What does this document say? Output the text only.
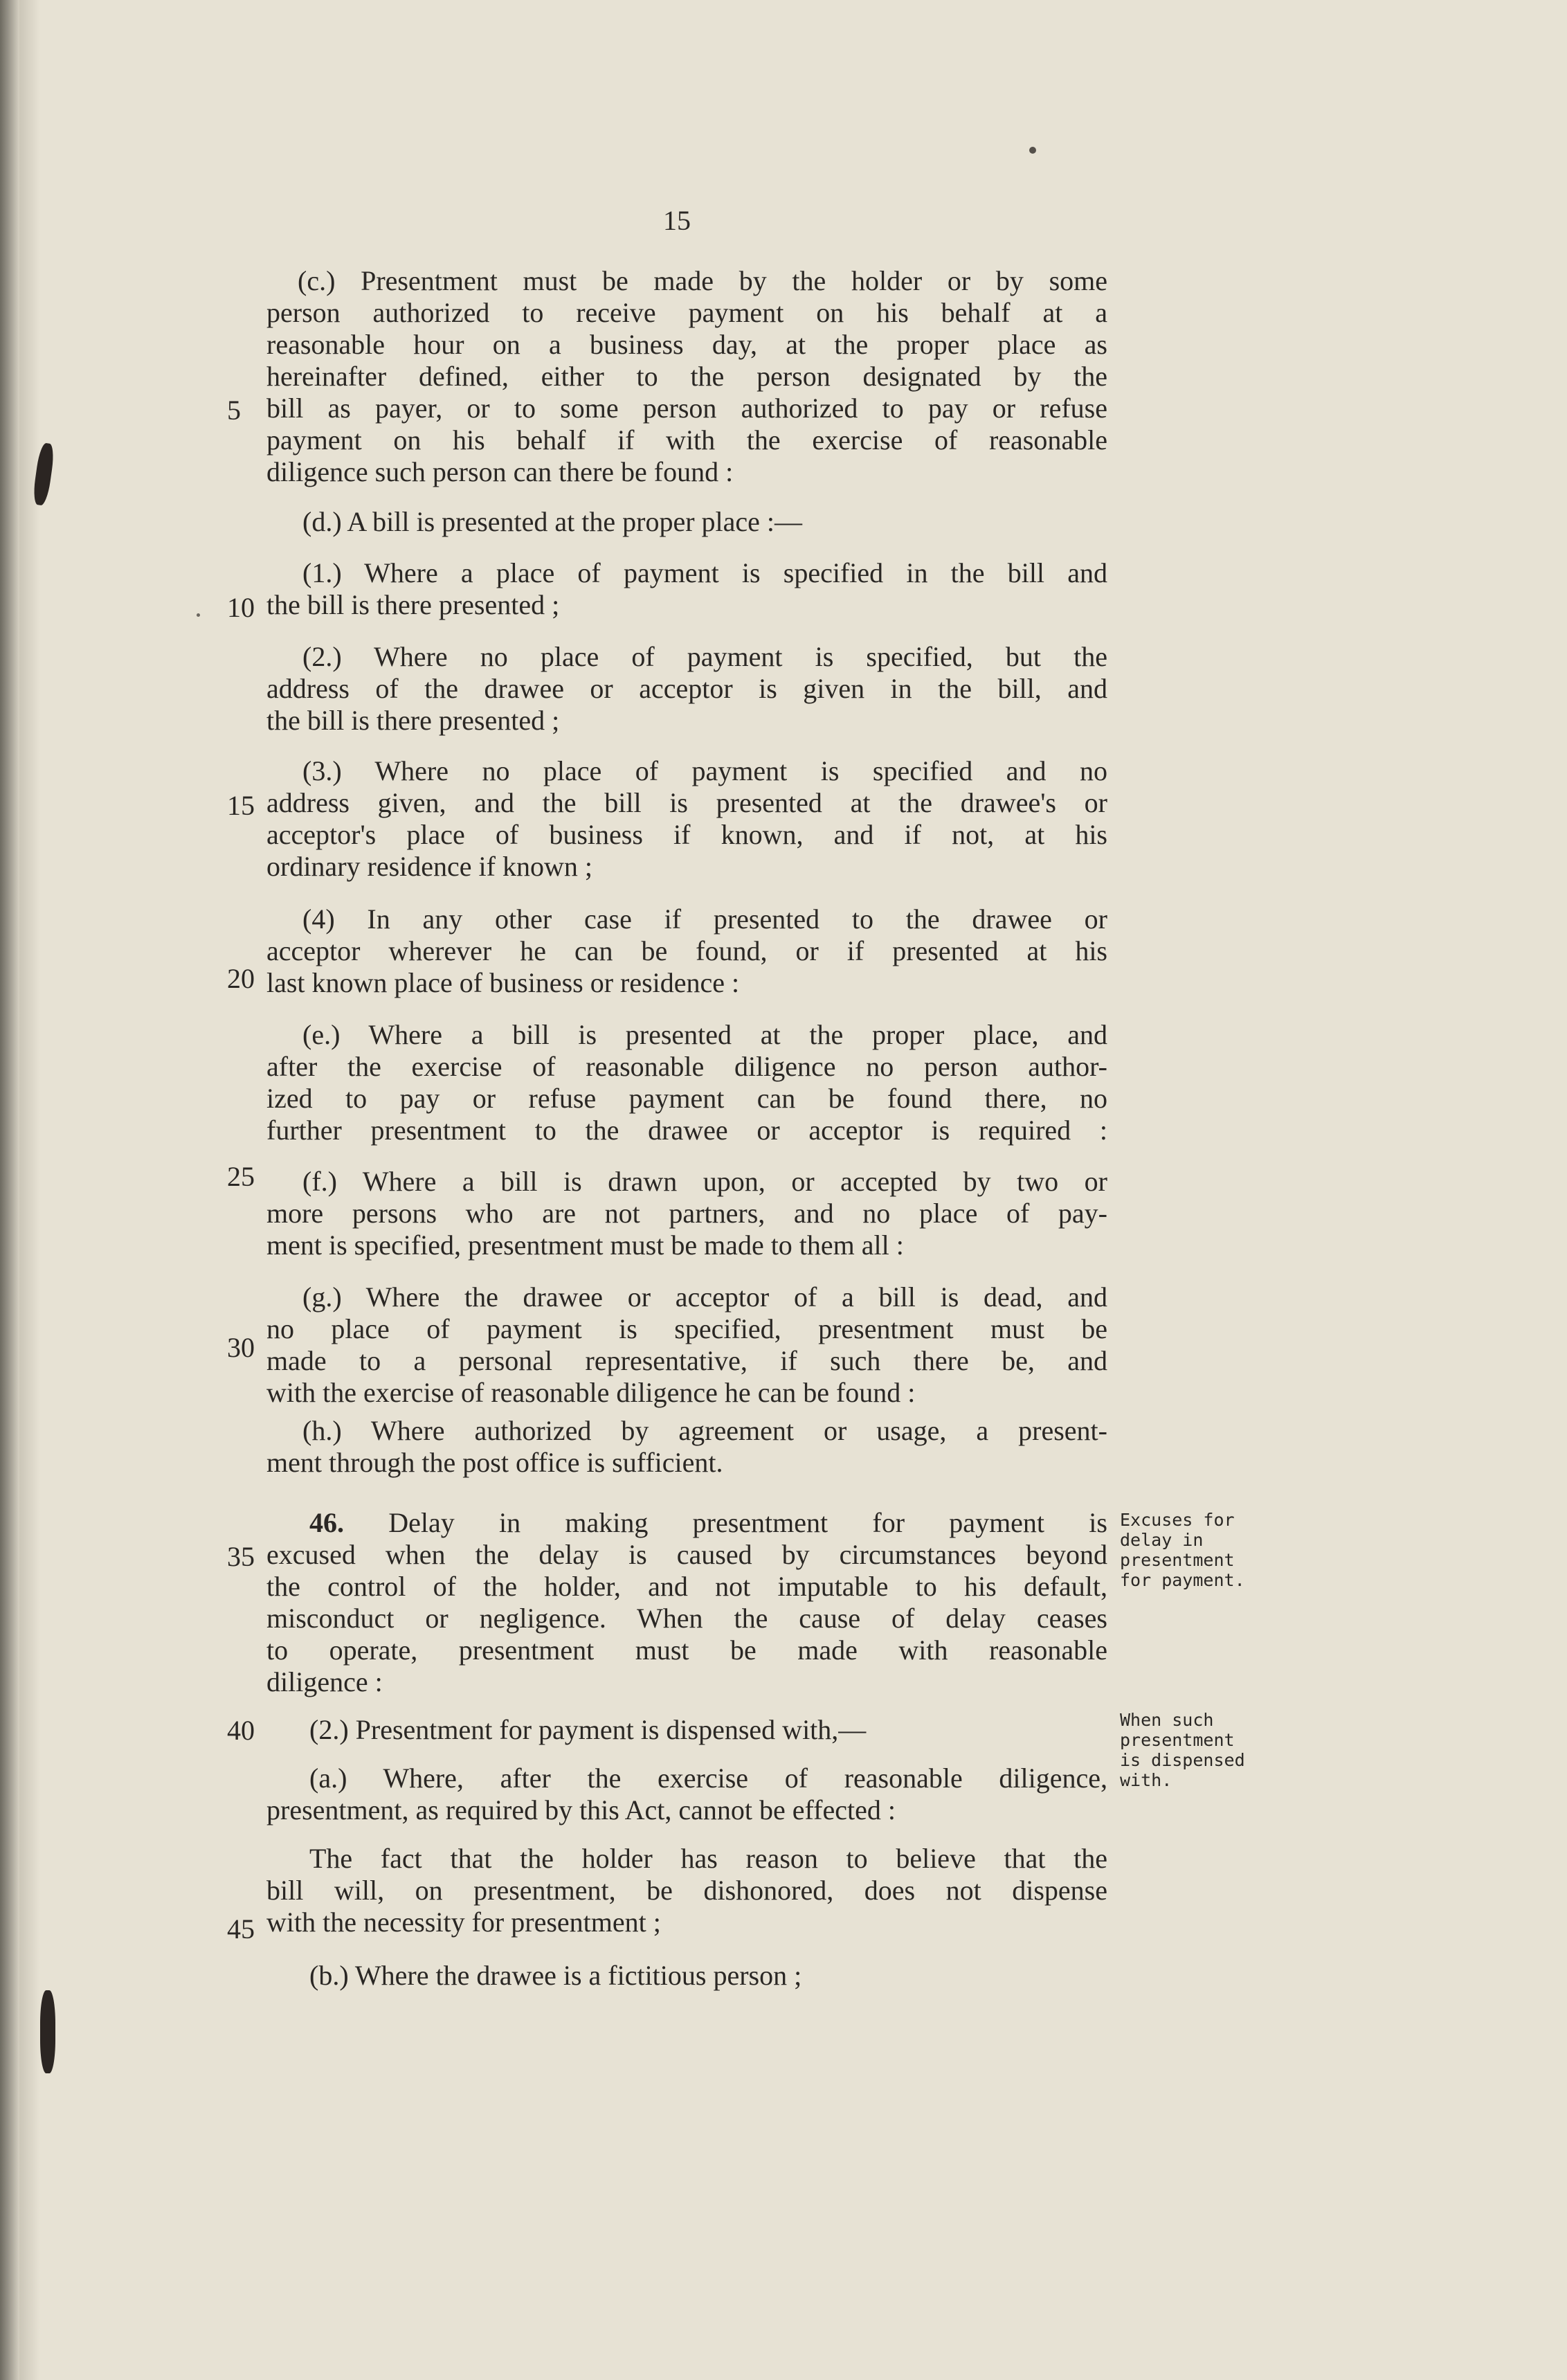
15
5
10
15
20
25
30
35
40
45
(c.) Presentment must be made by the holder or by some
person authorized to receive payment on his behalf at a
reasonable hour on a business day, at the proper place as
hereinafter defined, either to the person designated by the
bill as payer, or to some person authorized to pay or refuse
payment on his behalf if with the exercise of reasonable
diligence such person can there be found :
(d.) A bill is presented at the proper place :—
(1.) Where a place of payment is specified in the bill and
the bill is there presented ;
(2.) Where no place of payment is specified, but the
address of the drawee or acceptor is given in the bill, and
the bill is there presented ;
(3.) Where no place of payment is specified and no
address given, and the bill is presented at the drawee's or
acceptor's place of business if known, and if not, at his
ordinary residence if known ;
(4) In any other case if presented to the drawee or
acceptor wherever he can be found, or if presented at his
last known place of business or residence :
(e.) Where a bill is presented at the proper place, and
after the exercise of reasonable diligence no person author-
ized to pay or refuse payment can be found there, no
further presentment to the drawee or acceptor is required :
(f.) Where a bill is drawn upon, or accepted by two or
more persons who are not partners, and no place of pay-
ment is specified, presentment must be made to them all :
(g.) Where the drawee or acceptor of a bill is dead, and
no place of payment is specified, presentment must be
made to a personal representative, if such there be, and
with the exercise of reasonable diligence he can be found :
(h.) Where authorized by agreement or usage, a present-
ment through the post office is sufficient.
46. Delay in making presentment for payment is
excused when the delay is caused by circumstances beyond
the control of the holder, and not imputable to his default,
misconduct or negligence. When the cause of delay ceases
to operate, presentment must be made with reasonable
diligence :
(2.) Presentment for payment is dispensed with,—
(a.) Where, after the exercise of reasonable diligence,
presentment, as required by this Act, cannot be effected :
The fact that the holder has reason to believe that the
bill will, on presentment, be dishonored, does not dispense
with the necessity for presentment ;
(b.) Where the drawee is a fictitious person ;
Excuses for
delay in
presentment
for payment.
When such
presentment
is dispensed
with.
